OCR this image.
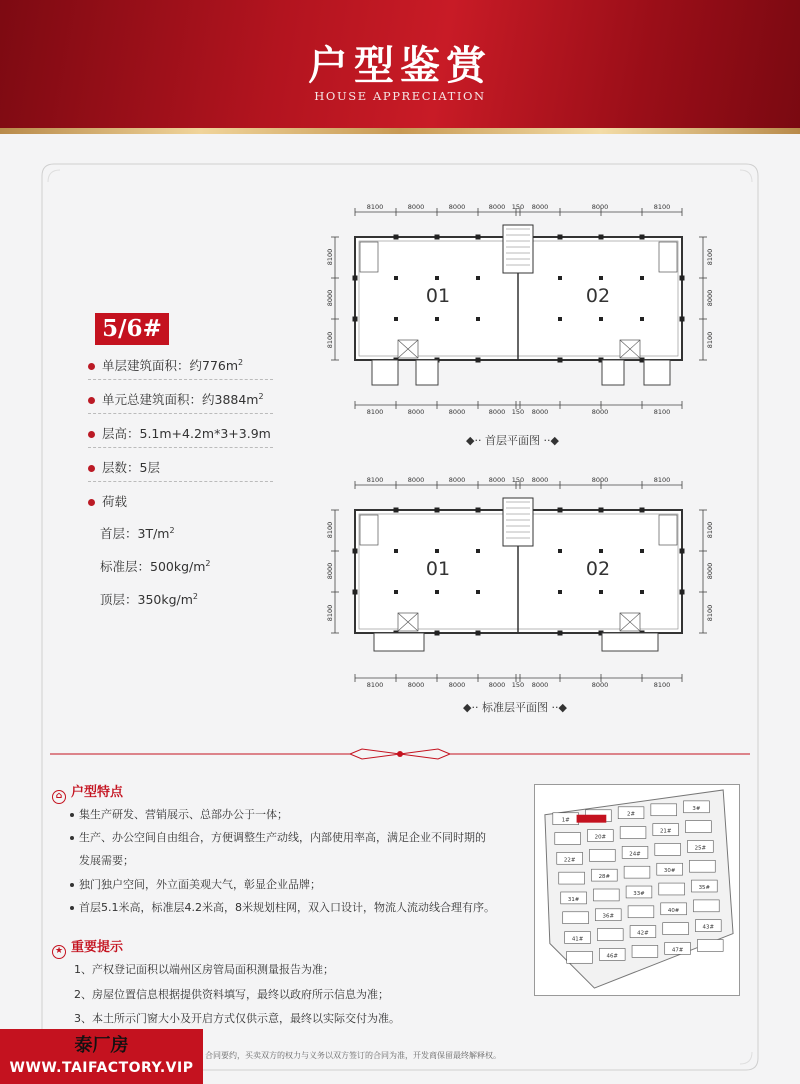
户型鉴赏
HOUSE APPRECIATION
5/6#
单层建筑面积：约$776m^2$
单元总建筑面积：约$3884m^2$
层高：5.1m+4.2m*3+3.9m
层数：5层
荷载
首层：$3T/m^2$
标准层：$500kg/m^2$
顶层：$350kg/m^2$
8100
8100
8000
8000
8000
8000
8000
8000
150
150
8000
8000
8000
8000
8100
8100
8100	8100
8000	8000
8100	8100
01	02
◆·· 首层平面图 ··◆
8100
8100
8000
8000
8000
8000
8000
8000
150
150
8000
8000
8000
8000
8100
8100
8100	8100
8000	8000
8100	8100
01	02
◆·· 标准层平面图 ··◆
⌂ 户型特点
集生产研发、营销展示、总部办公于一体；
生产、办公空间自由组合，方便调整生产动线，内部使用率高，满足企业不同时期的
发展需要；
独门独户空间，外立面美观大气，彰显企业品牌；
首层5.1米高，标准层4.2米高，8米规划柱网，双入口设计，物流人流动线合理有序。
★ 重要提示
1、产权登记面积以端州区房管局面积测量报告为准；
2、房屋位置信息根据提供资料填写，最终以政府所示信息为准；
3、本土所示门窗大小及开启方式仅供示意，最终以实际交付为准。
1#
2#
3#
20#
21#
22#
24#
25#
28#
30#
31#
33#
35#
36#
40#
41#
42#
43#
46#
47#
合同要约，买卖双方的权力与义务以双方签订的合同为准，开发商保留最终解释权。
泰厂房
WWW.TAIFACTORY.VIP
